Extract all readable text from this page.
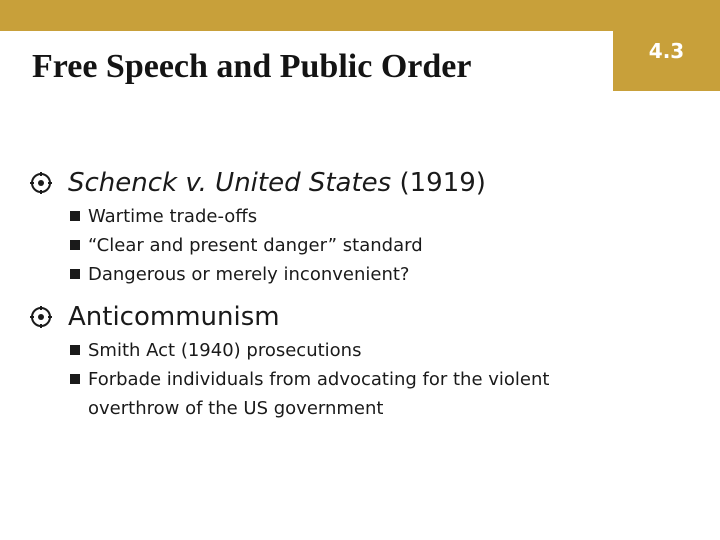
4.3
Free Speech and Public Order
Schenck v. United States (1919)
Wartime trade-offs
“Clear and present danger” standard
Dangerous or merely inconvenient?
Anticommunism
Smith Act (1940) prosecutions
Forbade individuals from advocating for the violent overthrow of the US government
